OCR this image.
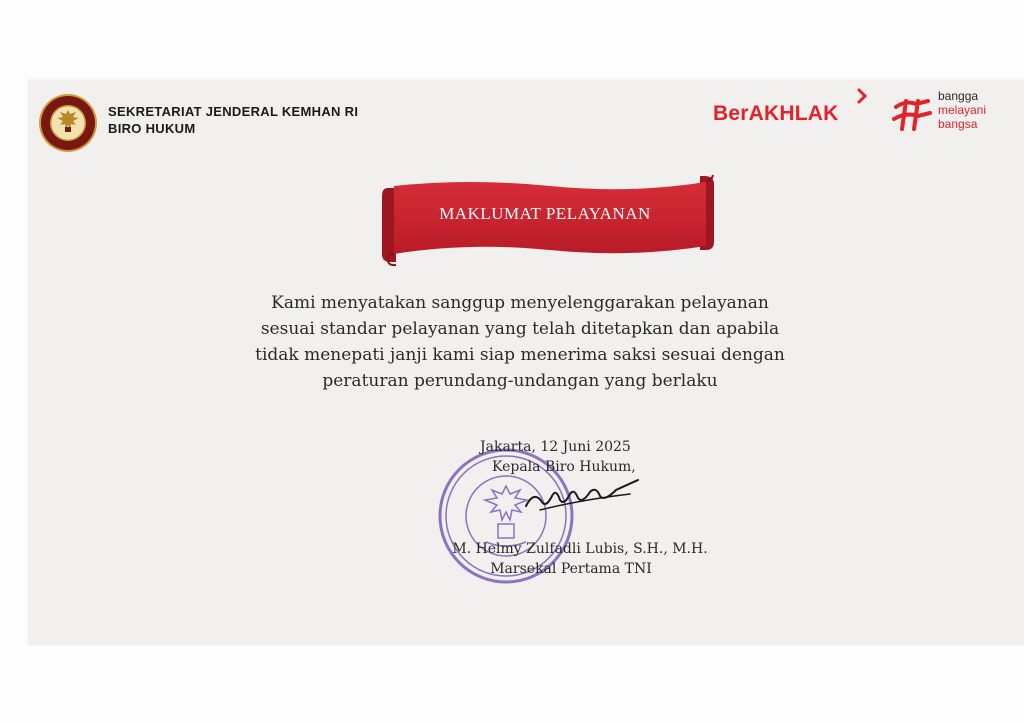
SEKRETARIAT JENDERAL KEMHAN RI
BIRO HUKUM
BerAKHLAK
bangga
melayani
bangsa
MAKLUMAT PELAYANAN
Kami menyatakan sanggup menyelenggarakan pelayanan
sesuai standar pelayanan yang telah ditetapkan dan apabila
tidak menepati janji kami siap menerima saksi sesuai dengan
peraturan perundang-undangan yang berlaku
Jakarta, 12 Juni 2025
Kepala Biro Hukum,
M. Helmy Zulfadli Lubis, S.H., M.H.
Marsekal Pertama TNI
